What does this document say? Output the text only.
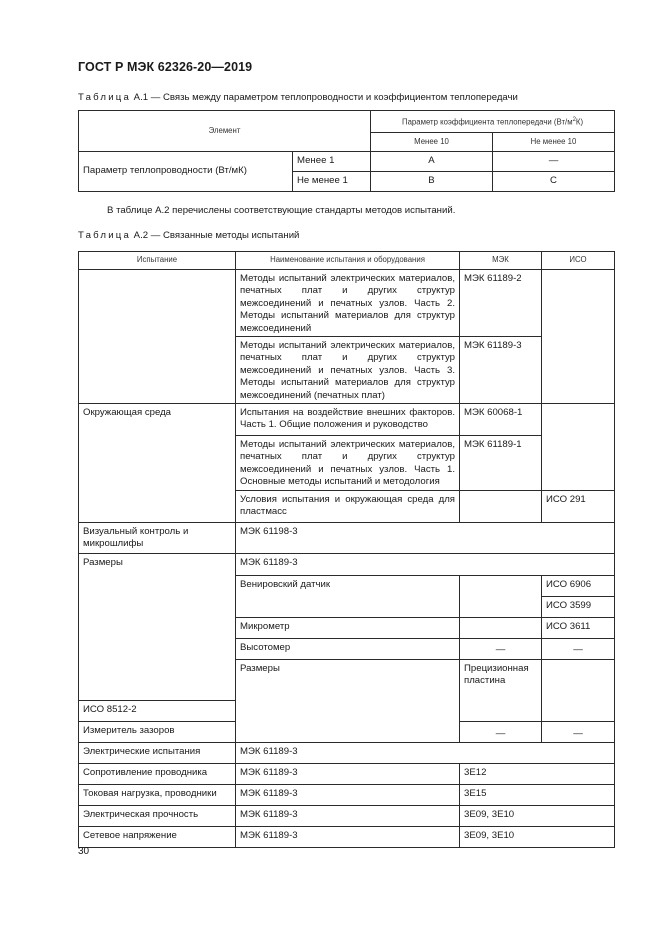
ГОСТ Р МЭК 62326-20—2019
Таблица А.1 — Связь между параметром теплопроводности и коэффициентом теплопередачи
Элемент		Параметр коэффициента теплопередачи $(Вт/м^2К)$	
		Менее 10	Не менее 10
Параметр теплопроводности (Вт/мК)	Менее 1	А	—
	Не менее 1	В	С
В таблице А.2 перечислены соответствующие стандарты методов испытаний.
Таблица А.2 — Связанные методы испытаний
Испытание	Наименование испытания и оборудования	МЭК	ИСО	
	Методы испытаний электрических материалов, печатных плат и других структур межсоединений и печатных узлов. Часть 2. Методы испытаний материалов для структур межсоединений	МЭК 61189-2		
	Методы испытаний электрических материалов, печатных плат и других структур межсоединений и печатных узлов. Часть 3. Методы испытаний материалов для структур межсоединений (печатных плат)	МЭК 61189-3		
Окружающая среда	Испытания на воздействие внешних факторов. Часть 1. Общие положения и руководство	МЭК 60068-1		
	Методы испытаний электрических материалов, печатных плат и других структур межсоединений и печатных узлов. Часть 1. Основные методы испытаний и методология	МЭК 61189-1		
	Условия испытания и окружающая среда для пластмасс		ИСО 291	
Визуальный контроль и микрошлифы	МЭК 61198-3			
Размеры	МЭК 61189-3			
	Венировский датчик		ИСО 6906	
			ИСО 3599	
	Микрометр		ИСО 3611	
	Высотомер	—	—	
	Размеры	Прецизионная пластина		
ИСО 8512-2				
Измеритель зазоров		—	—	
Электрические испытания	МЭК 61189-3			
Сопротивление проводника	МЭК 61189-3	3E12		
Токовая нагрузка, проводники	МЭК 61189-3	3E15		
Электрическая прочность	МЭК 61189-3	3E09, 3E10		
Сетевое напряжение	МЭК 61189-3	3E09, 3E10		
30
